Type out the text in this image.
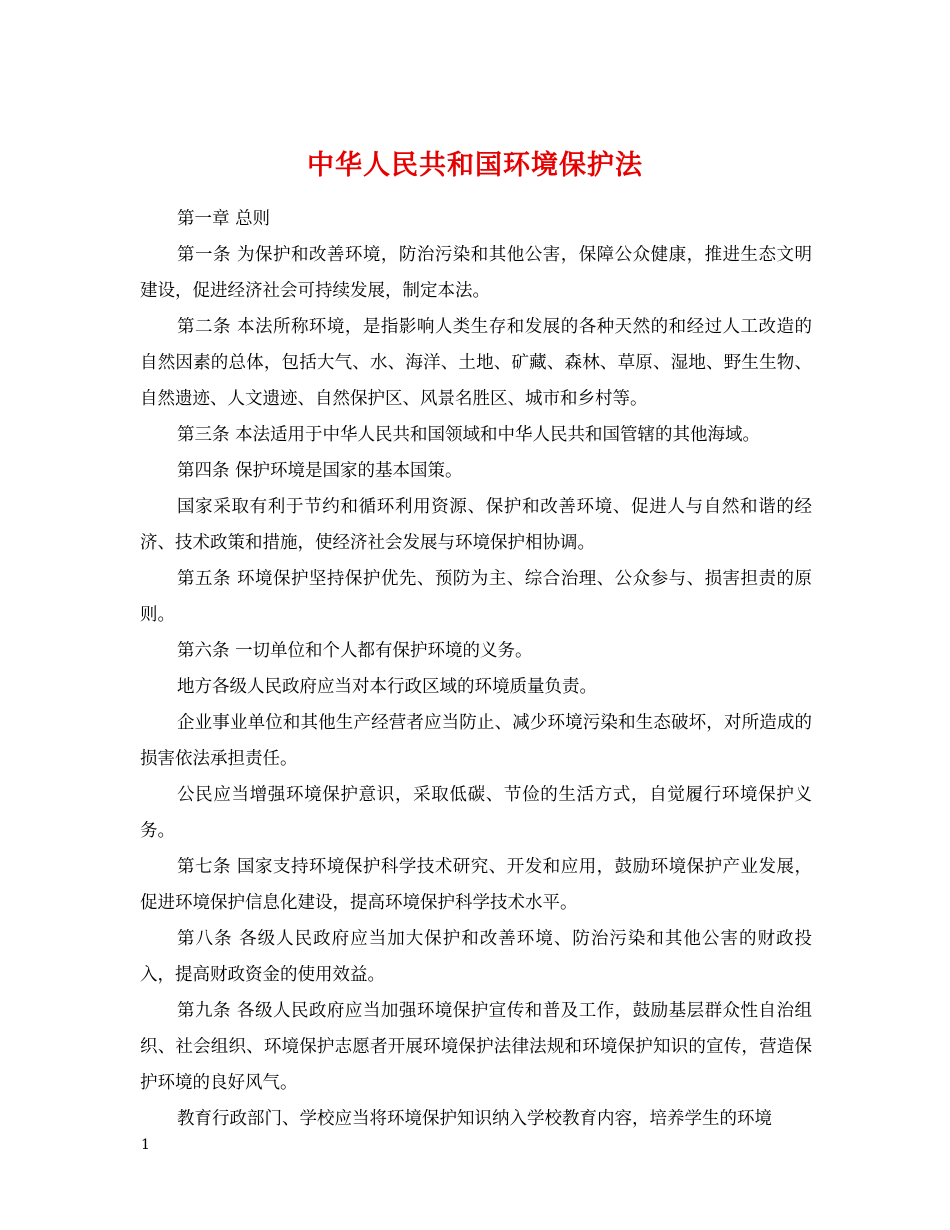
中华人民共和国环境保护法

第一章 总则

第一条 为保护和改善环境，防治污染和其他公害，保障公众健康，推进生态文明建设，促进经济社会可持续发展，制定本法。

第二条 本法所称环境，是指影响人类生存和发展的各种天然的和经过人工改造的自然因素的总体，包括大气、水、海洋、土地、矿藏、森林、草原、湿地、野生生物、自然遗迹、人文遗迹、自然保护区、风景名胜区、城市和乡村等。

第三条 本法适用于中华人民共和国领域和中华人民共和国管辖的其他海域。

第四条 保护环境是国家的基本国策。

国家采取有利于节约和循环利用资源、保护和改善环境、促进人与自然和谐的经济、技术政策和措施，使经济社会发展与环境保护相协调。

第五条 环境保护坚持保护优先、预防为主、综合治理、公众参与、损害担责的原则。

第六条 一切单位和个人都有保护环境的义务。

地方各级人民政府应当对本行政区域的环境质量负责。

企业事业单位和其他生产经营者应当防止、减少环境污染和生态破坏，对所造成的损害依法承担责任。

公民应当增强环境保护意识，采取低碳、节俭的生活方式，自觉履行环境保护义务。

第七条 国家支持环境保护科学技术研究、开发和应用，鼓励环境保护产业发展，促进环境保护信息化建设，提高环境保护科学技术水平。

第八条 各级人民政府应当加大保护和改善环境、防治污染和其他公害的财政投入，提高财政资金的使用效益。

第九条 各级人民政府应当加强环境保护宣传和普及工作，鼓励基层群众性自治组织、社会组织、环境保护志愿者开展环境保护法律法规和环境保护知识的宣传，营造保护环境的良好风气。

教育行政部门、学校应当将环境保护知识纳入学校教育内容，培养学生的环境

1
